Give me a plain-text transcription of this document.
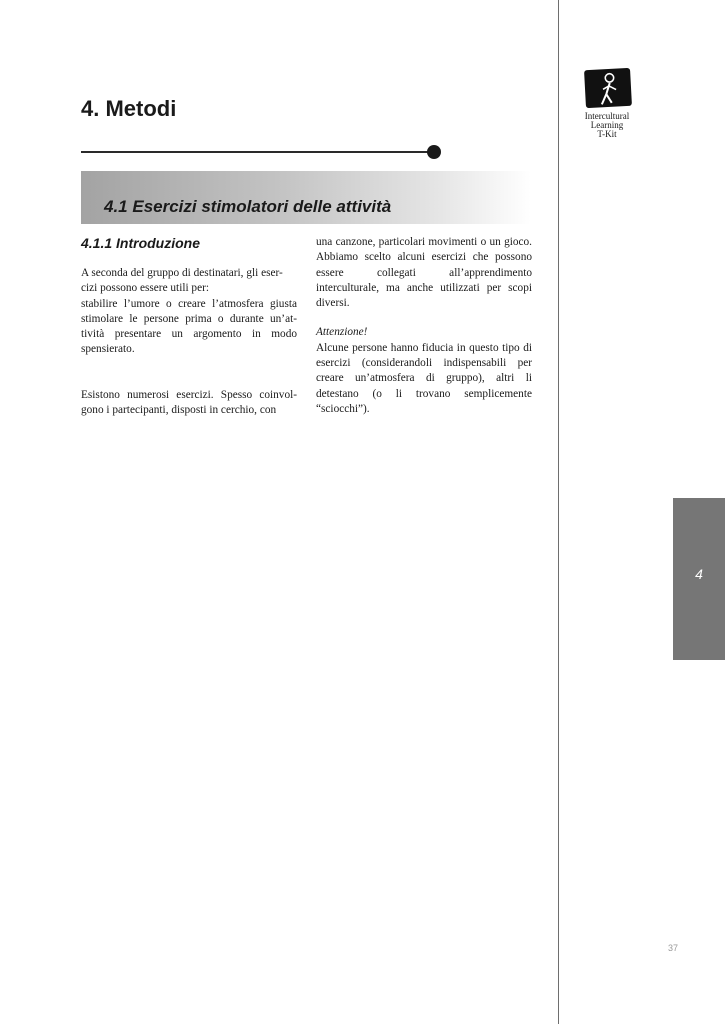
4. Metodi
4.1 Esercizi stimolatori delle attività
4.1.1 Introduzione

A seconda del gruppo di destinatari, gli eser-
cizi possono essere utili per:

stabilire l’umore o creare l’atmosfera giusta stimolare le persone prima o durante un’at-tività presentare un argomento in modo spensierato.

Esistono numerosi esercizi. Spesso coinvol-gono i partecipanti, disposti in cerchio, con

una canzone, particolari movimenti o un gioco. Abbiamo scelto alcuni esercizi che possono essere collegati all’apprendimento interculturale, ma anche utilizzati per scopi diversi.

Attenzione!

Alcune persone hanno fiducia in questo tipo di esercizi (considerandoli indispensabili per creare un’atmosfera di gruppo), altri li detestano (o li trovano semplicemente “sciocchi”).

Intercultural
Learning
T-Kit

4
37
